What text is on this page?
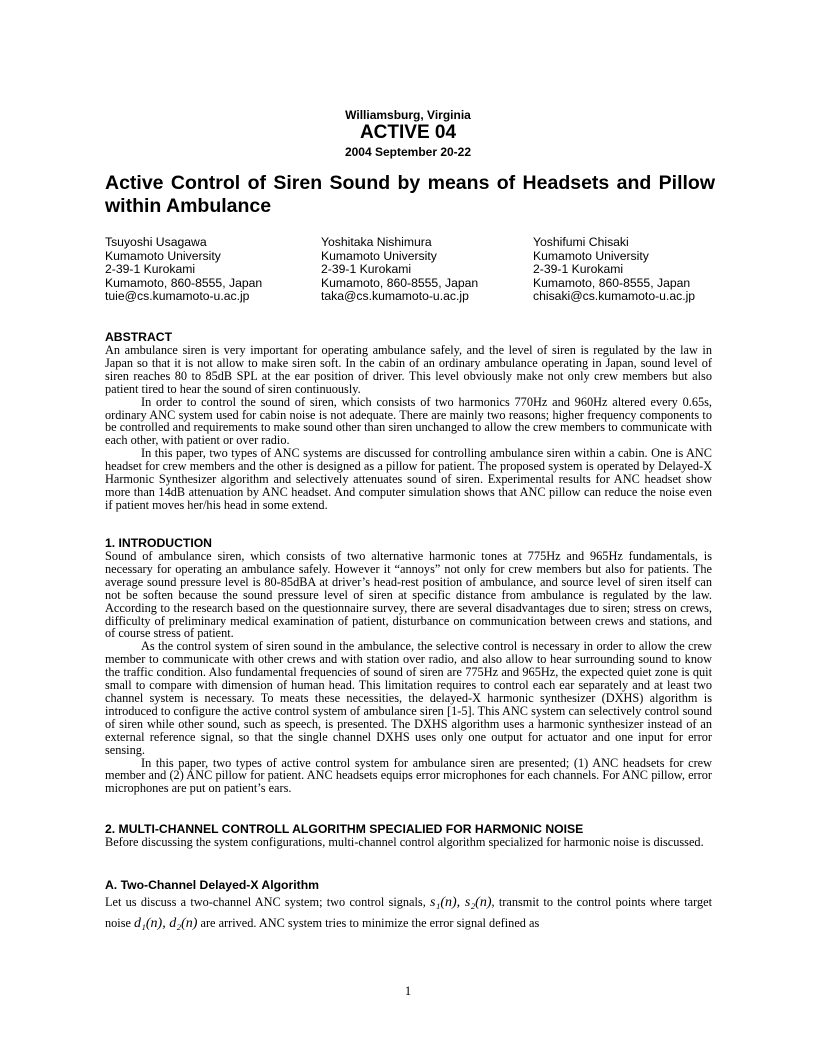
Williamsburg, Virginia
ACTIVE 04
2004 September 20-22
Active Control of Siren Sound by means of Headsets and Pillow within Ambulance
Tsuyoshi Usagawa
Kumamoto University
2-39-1 Kurokami
Kumamoto, 860-8555, Japan
tuie@cs.kumamoto-u.ac.jp
Yoshitaka Nishimura
Kumamoto University
2-39-1 Kurokami
Kumamoto, 860-8555, Japan
taka@cs.kumamoto-u.ac.jp
Yoshifumi Chisaki
Kumamoto University
2-39-1 Kurokami
Kumamoto, 860-8555, Japan
chisaki@cs.kumamoto-u.ac.jp
ABSTRACT

An ambulance siren is very important for operating ambulance safely, and the level of siren is regulated by the law in Japan so that it is not allow to make siren soft. In the cabin of an ordinary ambulance operating in Japan, sound level of siren reaches 80 to 85dB SPL at the ear position of driver. This level obviously make not only crew members but also patient tired to hear the sound of siren continuously.

In order to control the sound of siren, which consists of two harmonics 770Hz and 960Hz altered every 0.65s, ordinary ANC system used for cabin noise is not adequate. There are mainly two reasons; higher frequency components to be controlled and requirements to make sound other than siren unchanged to allow the crew members to communicate with each other, with patient or over radio.

In this paper, two types of ANC systems are discussed for controlling ambulance siren within a cabin. One is ANC headset for crew members and the other is designed as a pillow for patient. The proposed system is operated by Delayed-X Harmonic Synthesizer algorithm and selectively attenuates sound of siren. Experimental results for ANC headset show more than 14dB attenuation by ANC headset. And computer simulation shows that ANC pillow can reduce the noise even if patient moves her/his head in some extend.

1. INTRODUCTION

Sound of ambulance siren, which consists of two alternative harmonic tones at 775Hz and 965Hz fundamentals, is necessary for operating an ambulance safely. However it “annoys” not only for crew members but also for patients. The average sound pressure level is 80-85dBA at driver’s head-rest position of ambulance, and source level of siren itself can not be soften because the sound pressure level of siren at specific distance from ambulance is regulated by the law. According to the research based on the questionnaire survey, there are several disadvantages due to siren; stress on crews, difficulty of preliminary medical examination of patient, disturbance on communication between crews and stations, and of course stress of patient.

As the control system of siren sound in the ambulance, the selective control is necessary in order to allow the crew member to communicate with other crews and with station over radio, and also allow to hear surrounding sound to know the traffic condition. Also fundamental frequencies of sound of siren are 775Hz and 965Hz, the expected quiet zone is quit small to compare with dimension of human head. This limitation requires to control each ear separately and at least two channel system is necessary. To meats these necessities, the delayed-X harmonic synthesizer (DXHS) algorithm is introduced to configure the active control system of ambulance siren [1-5]. This ANC system can selectively control sound of siren while other sound, such as speech, is presented. The DXHS algorithm uses a harmonic synthesizer instead of an external reference signal, so that the single channel DXHS uses only one output for actuator and one input for error sensing.

In this paper, two types of active control system for ambulance siren are presented; (1) ANC headsets for crew member and (2) ANC pillow for patient. ANC headsets equips error microphones for each channels. For ANC pillow, error microphones are put on patient’s ears.

2. MULTI-CHANNEL CONTROLL ALGORITHM SPECIALIED FOR HARMONIC NOISE

Before discussing the system configurations, multi-channel control algorithm specialized for harmonic noise is discussed.

A. Two-Channel Delayed-X Algorithm

Let us discuss a two-channel ANC system; two control signals, s₁(n), s₂(n), transmit to the control points where target noise d₁(n), d₂(n) are arrived. ANC system tries to minimize the error signal defined as

1
